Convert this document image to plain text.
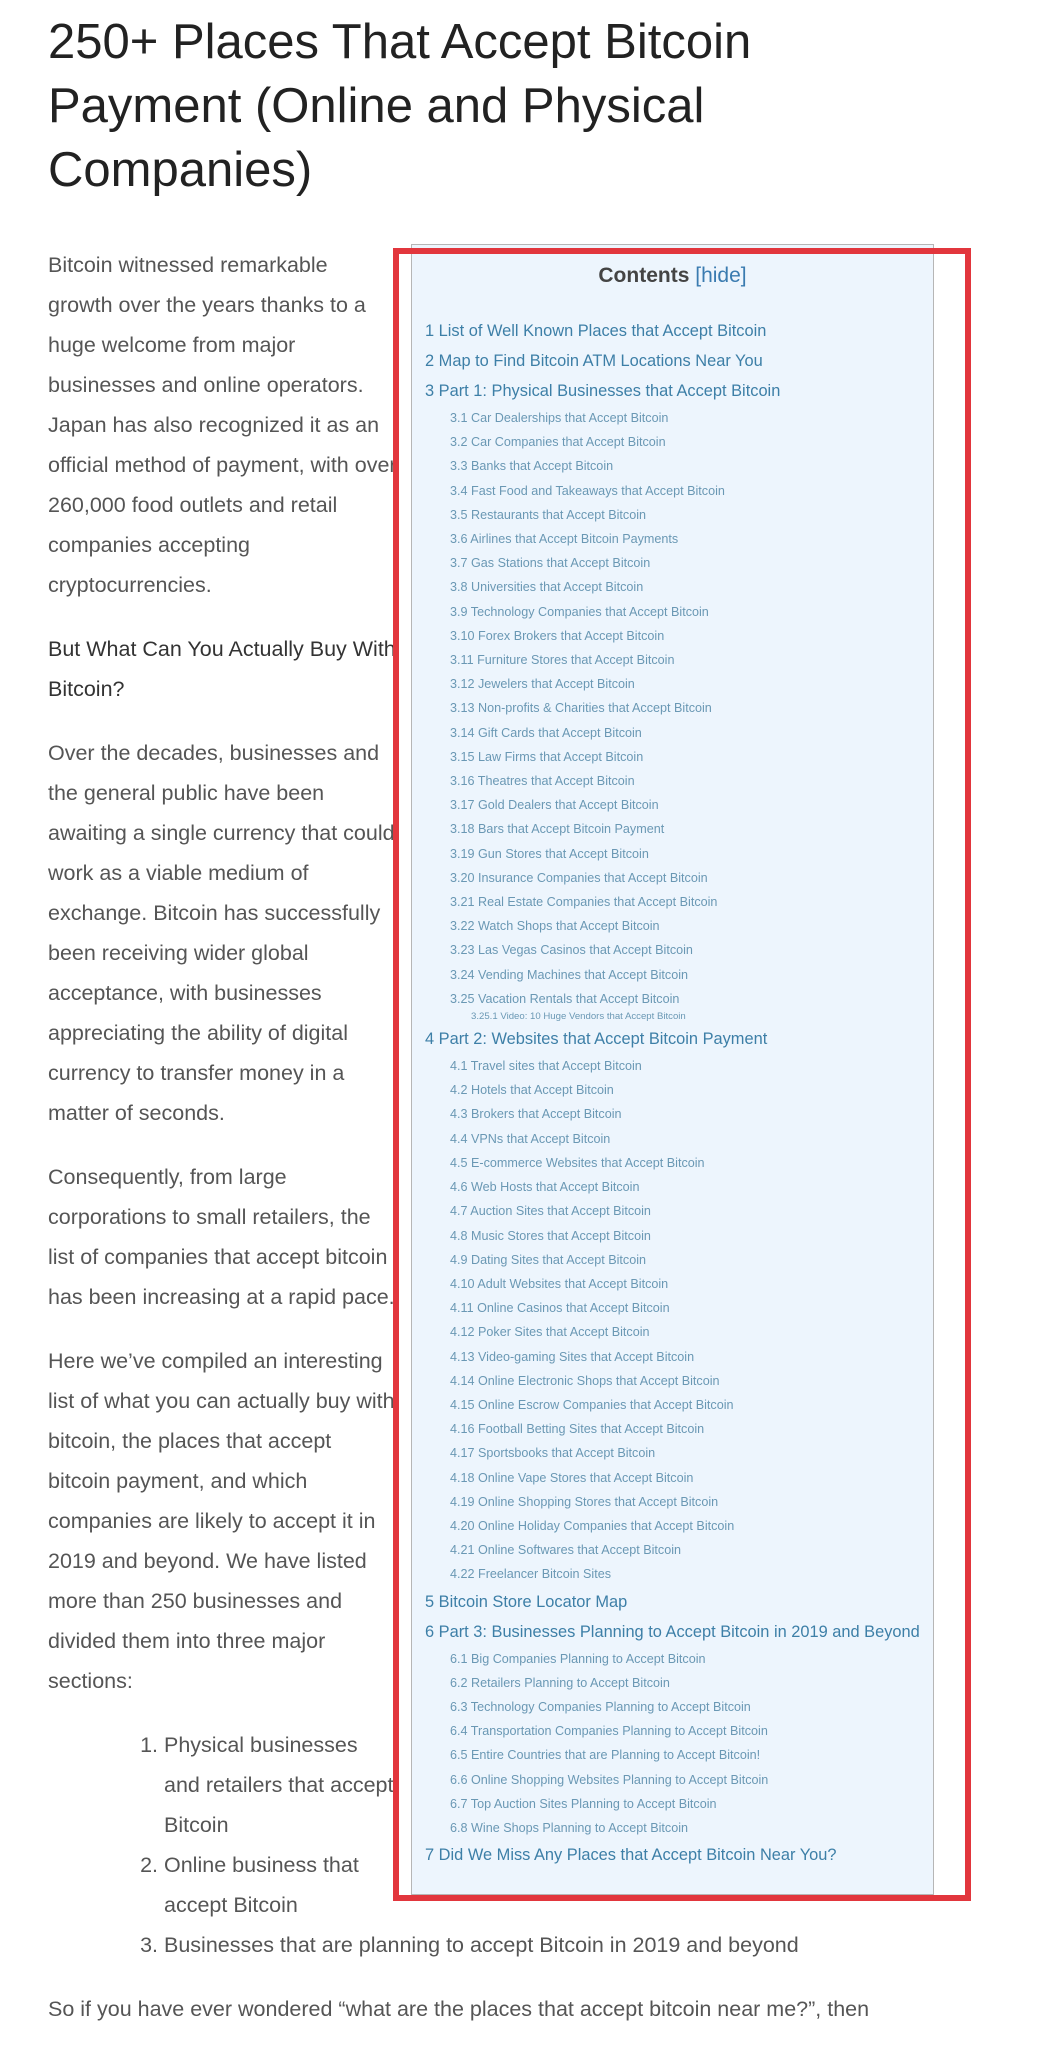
250+ Places That Accept Bitcoin Payment (Online and Physical Companies)

Bitcoin witnessed remarkable growth over the years thanks to a huge welcome from major businesses and online operators. Japan has also recognized it as an official method of payment, with over 260,000 food outlets and retail companies accepting cryptocurrencies.

But What Can You Actually Buy With Bitcoin?

Over the decades, businesses and the general public have been awaiting a single currency that could work as a viable medium of exchange. Bitcoin has successfully been receiving wider global acceptance, with businesses appreciating the ability of digital currency to transfer money in a matter of seconds.

Consequently, from large corporations to small retailers, the list of companies that accept bitcoin has been increasing at a rapid pace.

Here we’ve compiled an interesting list of what you can actually buy with bitcoin, the places that accept bitcoin payment, and which companies are likely to accept it in 2019 and beyond. We have listed more than 250 businesses and divided them into three major sections:

1. Physical businesses and retailers that accept Bitcoin
2. Online business that accept Bitcoin
3. Businesses that are planning to accept Bitcoin in 2019 and beyond

So if you have ever wondered “what are the places that accept bitcoin near me?”, then

Contents [hide]
1 List of Well Known Places that Accept Bitcoin
2 Map to Find Bitcoin ATM Locations Near You
3 Part 1: Physical Businesses that Accept Bitcoin
3.1 Car Dealerships that Accept Bitcoin
3.2 Car Companies that Accept Bitcoin
3.3 Banks that Accept Bitcoin
3.4 Fast Food and Takeaways that Accept Bitcoin
3.5 Restaurants that Accept Bitcoin
3.6 Airlines that Accept Bitcoin Payments
3.7 Gas Stations that Accept Bitcoin
3.8 Universities that Accept Bitcoin
3.9 Technology Companies that Accept Bitcoin
3.10 Forex Brokers that Accept Bitcoin
3.11 Furniture Stores that Accept Bitcoin
3.12 Jewelers that Accept Bitcoin
3.13 Non-profits & Charities that Accept Bitcoin
3.14 Gift Cards that Accept Bitcoin
3.15 Law Firms that Accept Bitcoin
3.16 Theatres that Accept Bitcoin
3.17 Gold Dealers that Accept Bitcoin
3.18 Bars that Accept Bitcoin Payment
3.19 Gun Stores that Accept Bitcoin
3.20 Insurance Companies that Accept Bitcoin
3.21 Real Estate Companies that Accept Bitcoin
3.22 Watch Shops that Accept Bitcoin
3.23 Las Vegas Casinos that Accept Bitcoin
3.24 Vending Machines that Accept Bitcoin
3.25 Vacation Rentals that Accept Bitcoin
3.25.1 Video: 10 Huge Vendors that Accept Bitcoin
4 Part 2: Websites that Accept Bitcoin Payment
4.1 Travel sites that Accept Bitcoin
4.2 Hotels that Accept Bitcoin
4.3 Brokers that Accept Bitcoin
4.4 VPNs that Accept Bitcoin
4.5 E-commerce Websites that Accept Bitcoin
4.6 Web Hosts that Accept Bitcoin
4.7 Auction Sites that Accept Bitcoin
4.8 Music Stores that Accept Bitcoin
4.9 Dating Sites that Accept Bitcoin
4.10 Adult Websites that Accept Bitcoin
4.11 Online Casinos that Accept Bitcoin
4.12 Poker Sites that Accept Bitcoin
4.13 Video-gaming Sites that Accept Bitcoin
4.14 Online Electronic Shops that Accept Bitcoin
4.15 Online Escrow Companies that Accept Bitcoin
4.16 Football Betting Sites that Accept Bitcoin
4.17 Sportsbooks that Accept Bitcoin
4.18 Online Vape Stores that Accept Bitcoin
4.19 Online Shopping Stores that Accept Bitcoin
4.20 Online Holiday Companies that Accept Bitcoin
4.21 Online Softwares that Accept Bitcoin
4.22 Freelancer Bitcoin Sites
5 Bitcoin Store Locator Map
6 Part 3: Businesses Planning to Accept Bitcoin in 2019 and Beyond
6.1 Big Companies Planning to Accept Bitcoin
6.2 Retailers Planning to Accept Bitcoin
6.3 Technology Companies Planning to Accept Bitcoin
6.4 Transportation Companies Planning to Accept Bitcoin
6.5 Entire Countries that are Planning to Accept Bitcoin!
6.6 Online Shopping Websites Planning to Accept Bitcoin
6.7 Top Auction Sites Planning to Accept Bitcoin
6.8 Wine Shops Planning to Accept Bitcoin
7 Did We Miss Any Places that Accept Bitcoin Near You?
